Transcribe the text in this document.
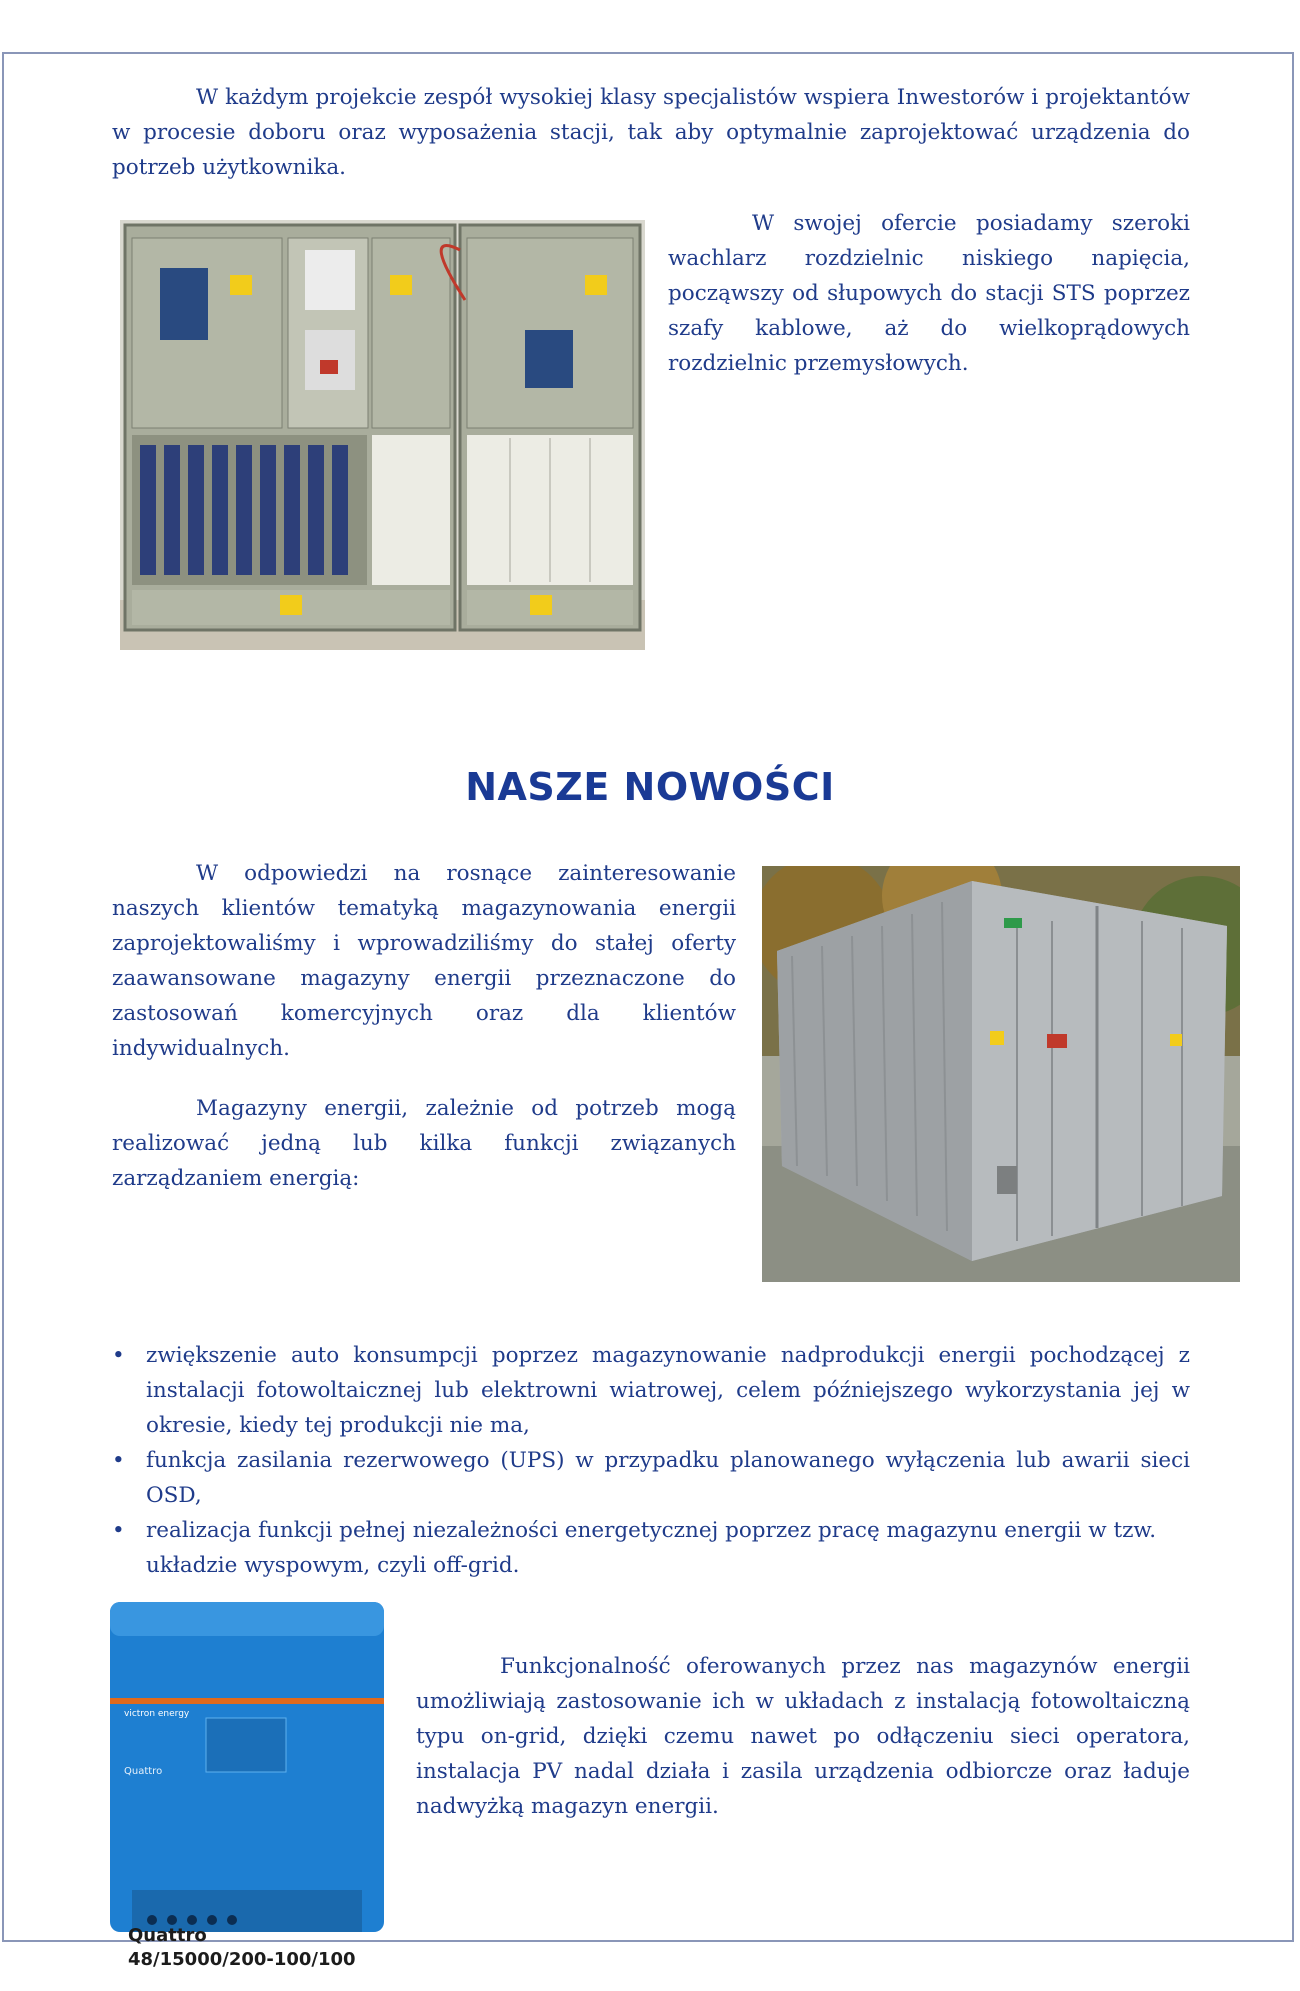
W każdym projekcie zespół wysokiej klasy specjalistów wspiera Inwestorów i projektantów w procesie doboru oraz wyposażenia stacji, tak aby optymalnie zaprojektować urządzenia do potrzeb użytkownika.

W swojej ofercie posiadamy szeroki wachlarz rozdzielnic niskiego napięcia, począwszy od słupowych do stacji STS poprzez szafy kablowe, aż do wielkoprądowych rozdzielnic przemysłowych.

NASZE NOWOŚCI

W odpowiedzi na rosnące zainteresowanie naszych klientów tematyką magazynowania energii zaprojektowaliśmy i wprowadziliśmy do stałej oferty zaawansowane magazyny energii przeznaczone do zastosowań komercyjnych oraz dla klientów indywidualnych.

Magazyny energii, zależnie od potrzeb mogą realizować jedną lub kilka funkcji związanych zarządzaniem energią:

• zwiększenie auto konsumpcji poprzez magazynowanie nadprodukcji energii pochodzącej z instalacji fotowoltaicznej lub elektrowni wiatrowej, celem późniejszego wykorzystania jej w okresie, kiedy tej produkcji nie ma,
• funkcja zasilania rezerwowego (UPS) w przypadku planowanego wyłączenia lub awarii sieci OSD,
• realizacja funkcji pełnej niezależności energetycznej poprzez pracę magazynu energii w tzw.
układzie wyspowym, czyli off-grid.
victron energy
Quattro
Quattro
48/15000/200-100/100

Funkcjonalność oferowanych przez nas magazynów energii umożliwiają zastosowanie ich w układach z instalacją fotowoltaiczną typu on-grid, dzięki czemu nawet po odłączeniu sieci operatora, instalacja PV nadal działa i zasila urządzenia odbiorcze oraz ładuje nadwyżką magazyn energii.
